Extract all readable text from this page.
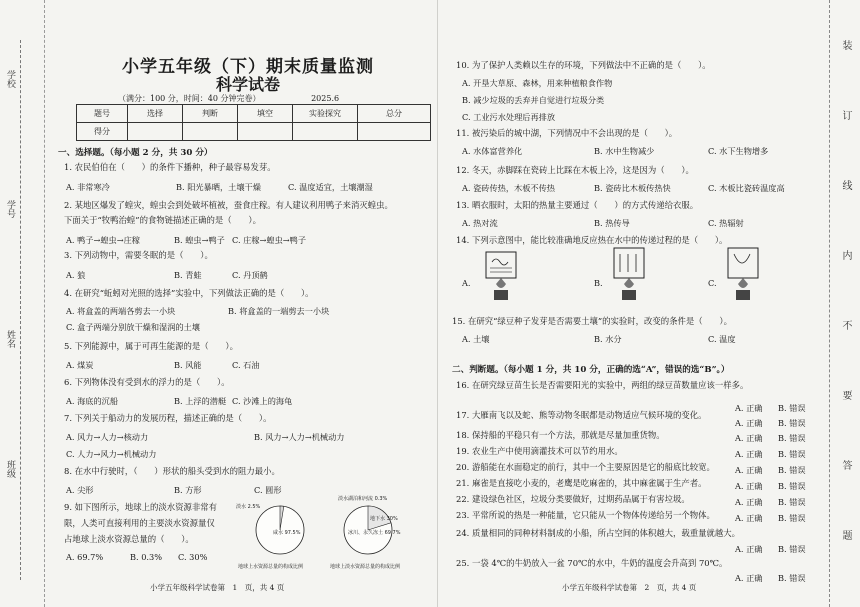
学校
学号
姓名
班级
装
订
线
内
不
要
答
题
小学五年级（下）期末质量监测
科学试卷
（满分：100 分，时间：40 分钟完卷）	2025.6
题号	选择	判断	填空	实验探究	总分
得分					
一、选择题。（每小题 2 分，共 30 分）
1. 农民伯伯在（　　）的条件下播种，种子最容易发芽。
A. 非常寒冷	B. 阳光暴晒，土壤干燥	C. 温度适宜，土壤潮湿
2. 某地区爆发了蝗灾，蝗虫会到处破坏植被，蚕食庄稼。有人建议利用鸭子来消灭蝗虫。
下面关于“牧鸭治蝗”的食物链描述正确的是（　　）。
A. 鸭子→蝗虫→庄稼	B. 蝗虫→鸭子 C. 庄稼→蝗虫→鸭子
3. 下列动物中，需要冬眠的是（　　）。
A. 狼	B. 青蛙	C. 丹顶鹤
4. 在研究“蚯蚓对光照的选择”实验中，下列做法正确的是（　　）。
A. 将盒盖的两端各剪去一小块	B. 将盒盖的一端剪去一小块
C. 盒子两端分别放干燥和湿润的土壤
5. 下列能源中，属于可再生能源的是（　　）。
A. 煤炭	B. 风能	C. 石油
6. 下列物体没有受到水的浮力的是（　　）。
A. 海底的沉船	B. 上浮的潜艇 C. 沙滩上的海龟
7. 下列关于船动力的发展历程，描述正确的是（　　）。
A. 风力→人力→核动力	B. 风力→人力→机械动力
C. 人力→风力→机械动力
8. 在水中行驶时，（　　）形状的船头受到水的阻力最小。
A. 尖形	B. 方形	C. 圆形
9. 如下图所示，地球上的淡水资源非常有
限，人类可直接利用的主要淡水资源量仅
占地球上淡水资源总量的（　　）。
A. 69.7%	B. 0.3% C. 30%
咸水 97.5%
淡水 2.5%
冰川、永久冻土 69.7%
地下水 30%
淡水湖泊和河流 0.3%
地球上水资源总量的构成比例	地球上淡水资源总量的构成比例
小学五年级科学试卷第　1　页，共 4 页
10. 为了保护人类赖以生存的环境，下列做法中不正确的是（　　）。
A. 开垦大草原、森林，用来种植粮食作物
B. 减少垃圾的丢弃并自觉进行垃圾分类
C. 工业污水处理后再排放
11. 被污染后的城中湖，下列情况中不会出现的是（　　）。
A. 水体富营养化	B. 水中生物减少	C. 水下生物增多
12. 冬天，赤脚踩在瓷砖上比踩在木板上冷，这是因为（　　）。
A. 瓷砖传热，木板不传热	B. 瓷砖比木板传热快	C. 木板比瓷砖温度高
13. 晒衣服时，太阳的热量主要通过（　　）的方式传递给衣服。
A. 热对流	B. 热传导	C. 热辐射
14. 下列示意图中，能比较准确地反应热在水中的传递过程的是（　　）。
A.	B.	C.
15. 在研究“绿豆种子发芽是否需要土壤”的实验时，改变的条件是（　　）。
A. 土壤	B. 水分	C. 温度
二、判断题。（每小题 1 分，共 10 分，正确的选“A”，错误的选“B”。）
16. 在研究绿豆苗生长是否需要阳光的实验中，两组的绿豆苗数量应该一样多。
17. 大雁南飞以及蛇、熊等动物冬眠都是动物适应气候环境的变化。
A. 正确 B. 错误
A. 正确 B. 错误
18. 保持船的平稳只有一个方法，那就是尽量加重货物。	A. 正确 B. 错误
19. 农业生产中使用滴灌技术可以节约用水。	A. 正确 B. 错误
20. 游船能在水面稳定的前行，其中一个主要原因是它的船底比较宽。 A. 正确 B. 错误
21. 麻雀是直接吃小麦的，老鹰是吃麻雀的，其中麻雀属于生产者。	A. 正确 B. 错误
22. 建设绿色社区，垃圾分类要做好，过期药品属于有害垃圾。	A. 正确 B. 错误
23. 平常所说的热是一种能量，它只能从一个物体传递给另一个物体。 A. 正确 B. 错误
24. 质量相同的同种材料制成的小船，所占空间的体积越大，载重量就越大。
A. 正确 B. 错误
25. 一袋 4℃的牛奶放入一盆 70℃的水中，牛奶的温度会升高到 70℃。
A. 正确 B. 错误
小学五年级科学试卷第　2　页，共 4 页
